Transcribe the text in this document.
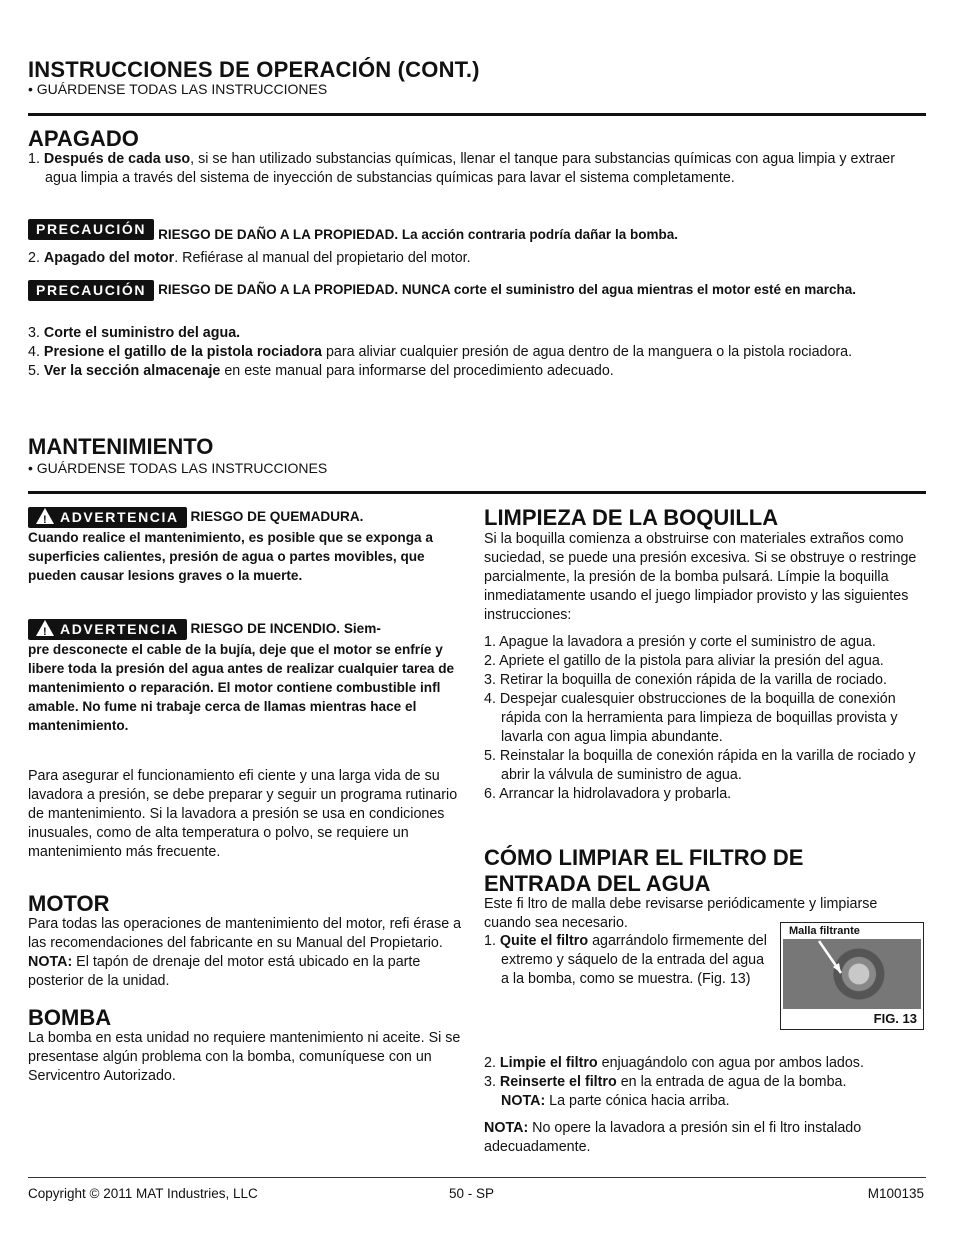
INSTRUCCIONES DE OPERACIÓN (CONT.)
• GUÁRDENSE TODAS LAS INSTRUCCIONES
APAGADO

1. Después de cada uso, si se han utilizado substancias químicas, llenar el tanque para substancias químicas con agua limpia y extraer agua limpia a través del sistema de inyección de substancias químicas para lavar el sistema completamente.

PRECAUCIÓN RIESGO DE DAÑO A LA PROPIEDAD. La acción contraria podría dañar la bomba.

2. Apagado del motor. Refiérase al manual del propietario del motor.

PRECAUCIÓN RIESGO DE DAÑO A LA PROPIEDAD. NUNCA corte el suministro del agua mientras el motor esté en marcha.

3. Corte el suministro del agua.

4. Presione el gatillo de la pistola rociadora para aliviar cualquier presión de agua dentro de la manguera o la pistola rociadora.

5. Ver la sección almacenaje en este manual para informarse del procedimiento adecuado.

MANTENIMIENTO
• GUÁRDENSE TODAS LAS INSTRUCCIONES
! ADVERTENCIA RIESGO DE QUEMADURA.
Cuando realice el mantenimiento, es posible que se exponga a superficies calientes, presión de agua o partes movibles, que pueden causar lesions graves o la muerte.
! ADVERTENCIA RIESGO DE INCENDIO. Siem-
pre desconecte el cable de la bujía, deje que el motor se enfríe y libere toda la presión del agua antes de realizar cualquier tarea de mantenimiento o reparación. El motor contiene combustible infl amable. No fume ni trabaje cerca de llamas mientras hace el mantenimiento.
Para asegurar el funcionamiento efi ciente y una larga vida de su lavadora a presión, se debe preparar y seguir un programa rutinario de mantenimiento. Si la lavadora a presión se usa en condiciones inusuales, como de alta temperatura o polvo, se requiere un mantenimiento más frecuente.
MOTOR
Para todas las operaciones de mantenimiento del motor, refi érase a las recomendaciones del fabricante en su Manual del Propietario. NOTA: El tapón de drenaje del motor está ubicado en la parte posterior de la unidad.
BOMBA
La bomba en esta unidad no requiere mantenimiento ni aceite. Si se presentase algún problema con la bomba, comuníquese con un Servicentro Autorizado.
LIMPIEZA DE LA BOQUILLA
Si la boquilla comienza a obstruirse con materiales extraños como suciedad, se puede una presión excesiva. Si se obstruye o restringe parcialmente, la presión de la bomba pulsará. Límpie la boquilla inmediatamente usando el juego limpiador provisto y las siguientes instrucciones:

1. Apague la lavadora a presión y corte el suministro de agua.

2. Apriete el gatillo de la pistola para aliviar la presión del agua.

3. Retirar la boquilla de conexión rápida de la varilla de rociado.

4. Despejar cualesquier obstrucciones de la boquilla de conexión rápida con la herramienta para limpieza de boquillas provista y lavarla con agua limpia abundante.

5. Reinstalar la boquilla de conexión rápida en la varilla de rociado y abrir la válvula de suministro de agua.

6. Arrancar la hidrolavadora y probarla.

CÓMO LIMPIAR EL FILTRO DE
ENTRADA DEL AGUA
Este fi ltro de malla debe revisarse periódicamente y limpiarse cuando sea necesario.

1. Quite el filtro agarrándolo firmemente del extremo y sáquelo de la entrada del agua a la bomba, como se muestra. (Fig. 13)

Malla filtrante
FIG. 13

2. Limpie el filtro enjuagándolo con agua por ambos lados.

3. Reinserte el filtro en la entrada de agua de la bomba.

NOTA: La parte cónica hacia arriba.

NOTA: No opere la lavadora a presión sin el fi ltro instalado adecuadamente.
Copyright © 2011 MAT Industries, LLC	50 - SP	M100135
